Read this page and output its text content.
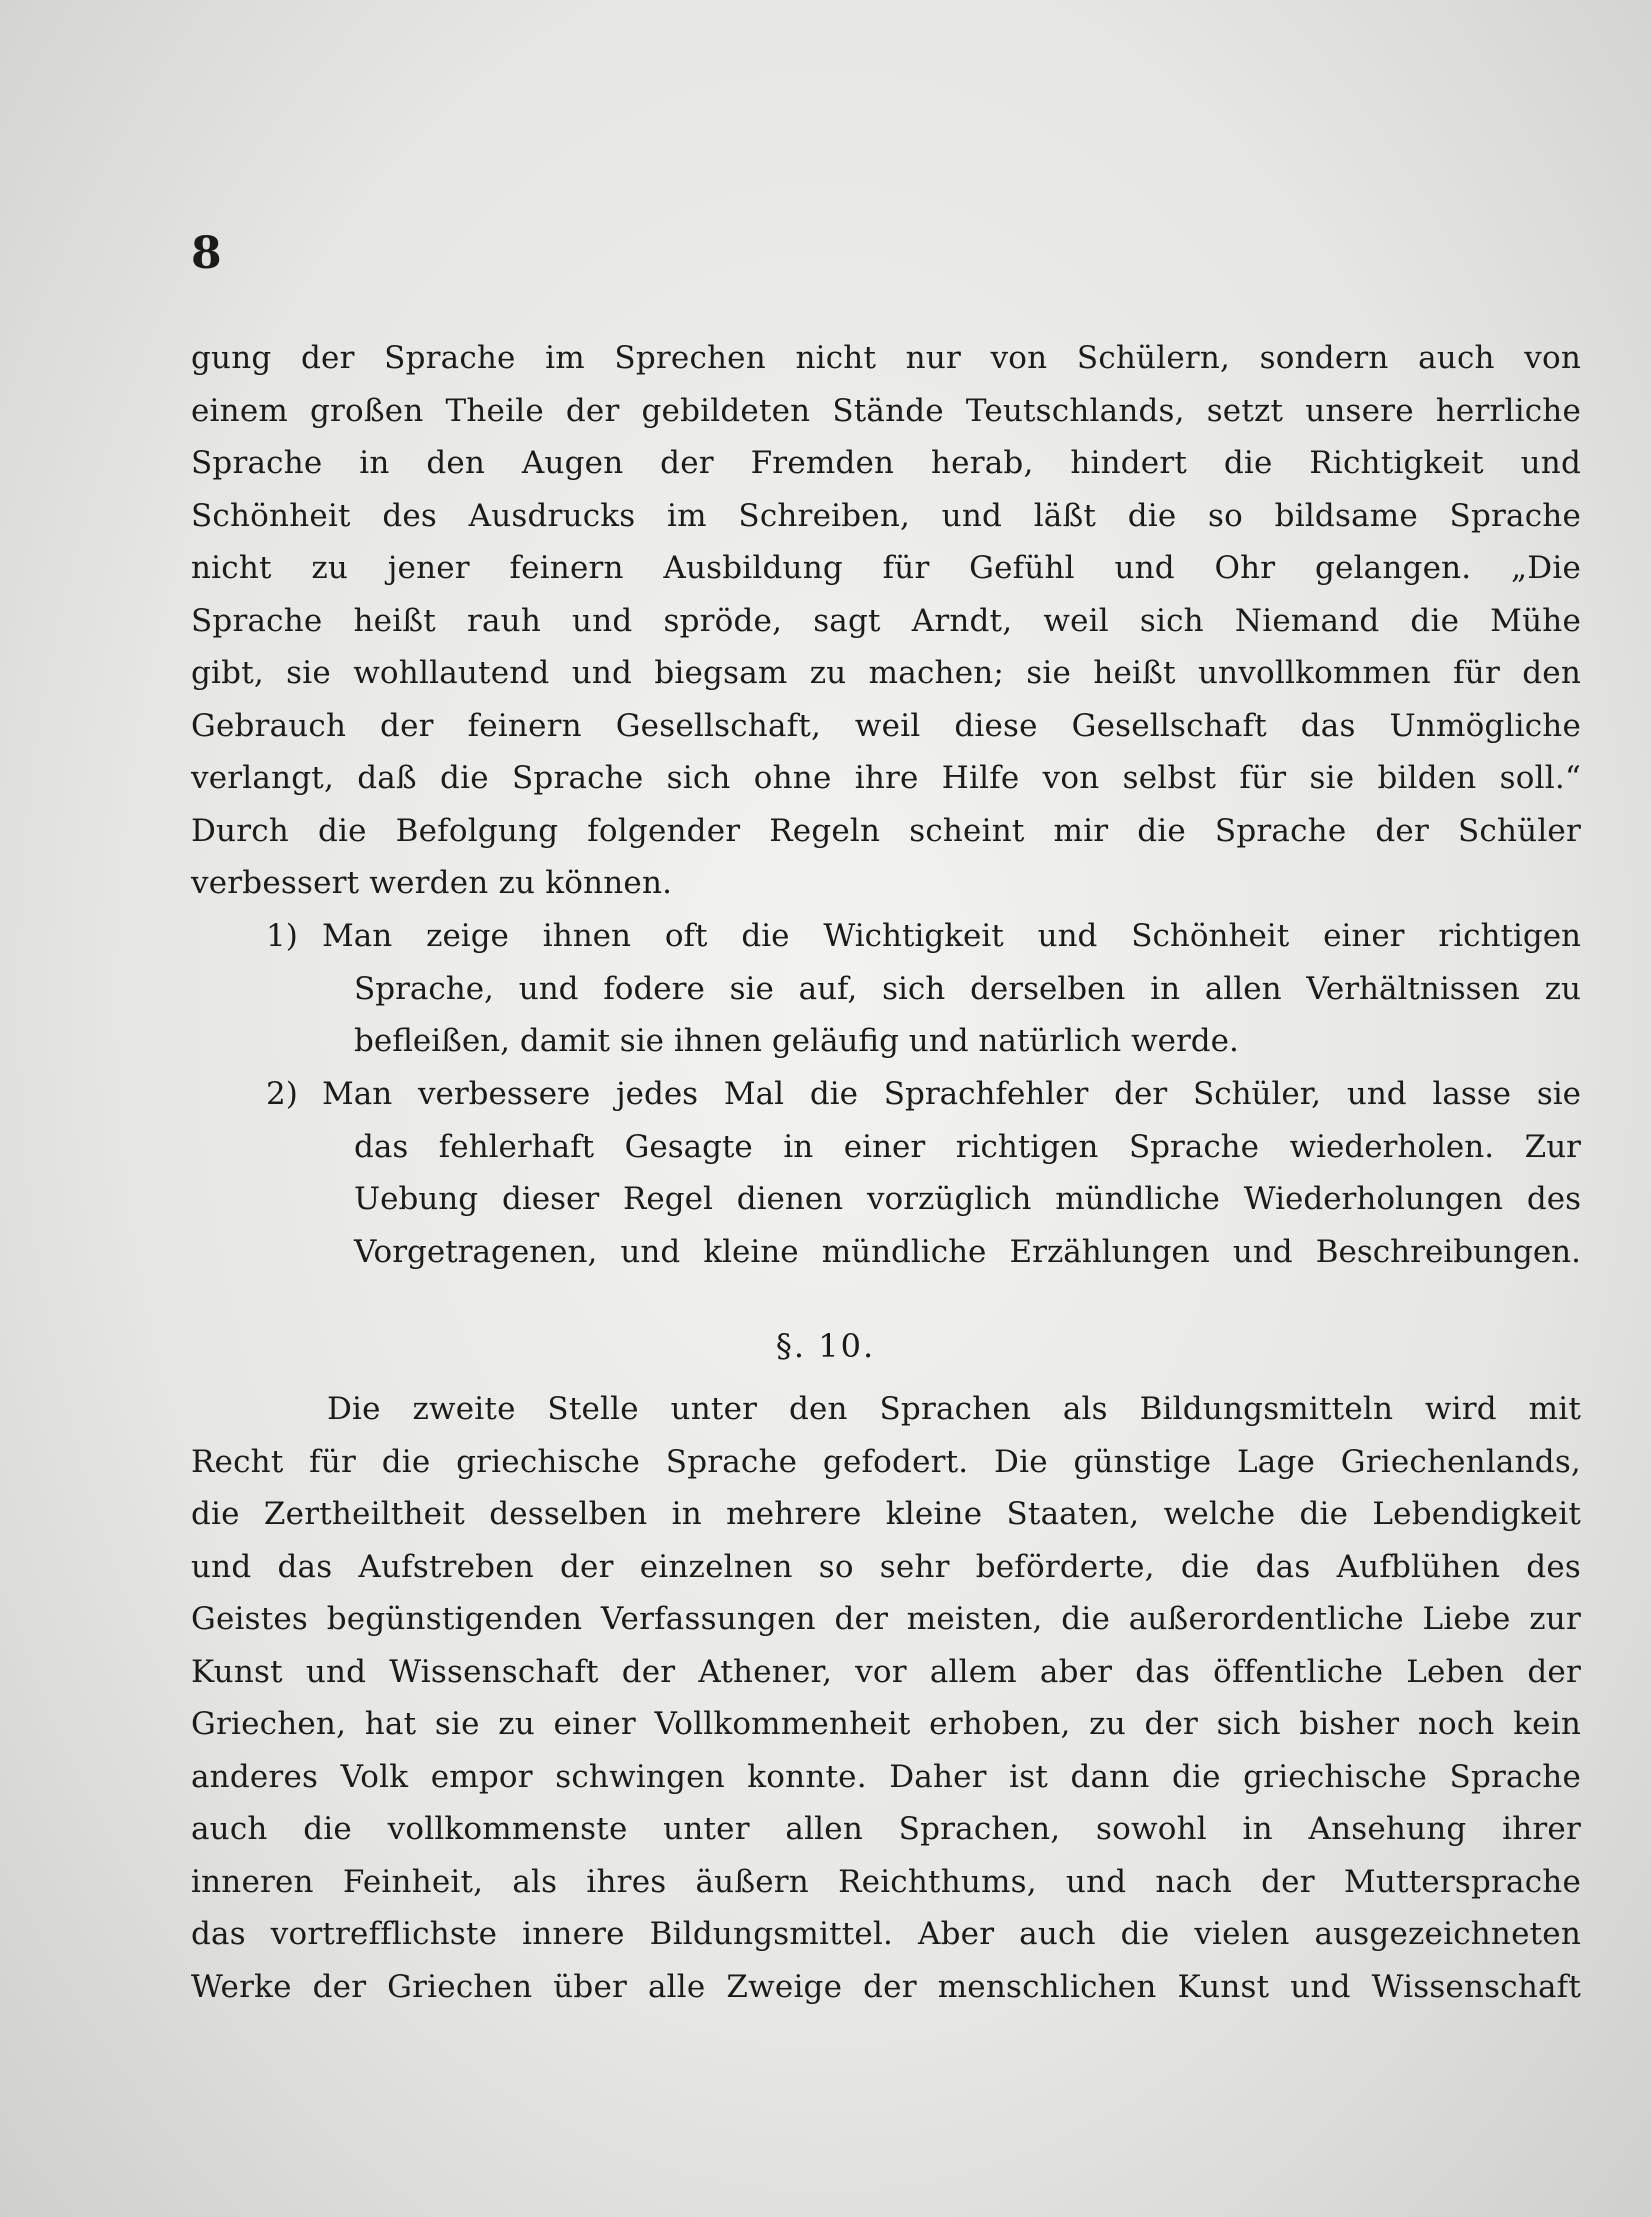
8
gung der Sprache im Sprechen nicht nur von Schülern, sondern auch von
einem großen Theile der gebildeten Stände Teutschlands, setzt unsere herrliche
Sprache in den Augen der Fremden herab, hindert die Richtigkeit und
Schönheit des Ausdrucks im Schreiben, und läßt die so bildsame Sprache
nicht zu jener feinern Ausbildung für Gefühl und Ohr gelangen. „Die
Sprache heißt rauh und spröde, sagt Arndt, weil sich Niemand die Mühe
gibt, sie wohllautend und biegsam zu machen; sie heißt unvollkommen für den
Gebrauch der feinern Gesellschaft, weil diese Gesellschaft das Unmögliche
verlangt, daß die Sprache sich ohne ihre Hilfe von selbst für sie bilden soll.“
Durch die Befolgung folgender Regeln scheint mir die Sprache der Schüler
verbessert werden zu können.
1) Man zeige ihnen oft die Wichtigkeit und Schönheit einer richtigen
Sprache, und fodere sie auf, sich derselben in allen Verhältnissen zu
befleißen, damit sie ihnen geläufig und natürlich werde.
2) Man verbessere jedes Mal die Sprachfehler der Schüler, und lasse sie
das fehlerhaft Gesagte in einer richtigen Sprache wiederholen. Zur
Uebung dieser Regel dienen vorzüglich mündliche Wiederholungen des
Vorgetragenen, und kleine mündliche Erzählungen und Beschreibungen.
§. 10.
Die zweite Stelle unter den Sprachen als Bildungsmitteln wird mit
Recht für die griechische Sprache gefodert. Die günstige Lage Griechenlands,
die Zertheiltheit desselben in mehrere kleine Staaten, welche die Lebendigkeit
und das Aufstreben der einzelnen so sehr beförderte, die das Aufblühen des
Geistes begünstigenden Verfassungen der meisten, die außerordentliche Liebe zur
Kunst und Wissenschaft der Athener, vor allem aber das öffentliche Leben der
Griechen, hat sie zu einer Vollkommenheit erhoben, zu der sich bisher noch kein
anderes Volk empor schwingen konnte. Daher ist dann die griechische Sprache
auch die vollkommenste unter allen Sprachen, sowohl in Ansehung ihrer
inneren Feinheit, als ihres äußern Reichthums, und nach der Muttersprache
das vortrefflichste innere Bildungsmittel. Aber auch die vielen ausgezeichneten
Werke der Griechen über alle Zweige der menschlichen Kunst und Wissenschaft
